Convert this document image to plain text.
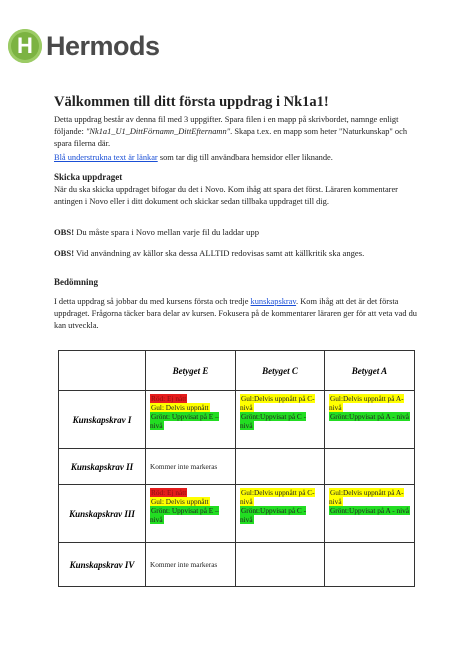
H Hermods
Välkommen till ditt första uppdrag i Nk1a1!

Detta uppdrag består av denna fil med 3 uppgifter. Spara filen i en mapp på skrivbordet, namnge enligt följande: "Nk1a1_U1_DittFörnamn_DittEfternamn". Skapa t.ex. en mapp som heter "Naturkunskap" och spara filerna där.

Blå understrukna text är länkar som tar dig till användbara hemsidor eller liknande.

Skicka uppdraget

När du ska skicka uppdraget bifogar du det i Novo. Kom ihåg att spara det först. Läraren kommentarer antingen i Novo eller i ditt dokument och skickar sedan tillbaka uppdraget till dig.

OBS! Du måste spara i Novo mellan varje fil du laddar upp

OBS! Vid användning av källor ska dessa ALLTID redovisas samt att källkritik ska anges.

Bedömning

I detta uppdrag så jobbar du med kursens första och tredje kunskapskrav. Kom ihåg att det är det första uppdraget. Frågorna täcker bara delar av kursen. Fokusera på de kommentarer läraren ger för att veta vad du kan utveckla.

	Betyget E	Betyget C	Betyget A
Kunskapskrav I	Röd: Ej nått
Gul: Delvis uppnått
Grönt: Uppvisat på E – nivå	Gul:Delvis uppnått på C-nivå
Grönt:Uppvisat på C - nivå	Gul:Delvis uppnått på A-nivå
Grönt:Uppvisat på A - nivå
Kunskapskrav II	Kommer inte markeras		
Kunskapskrav III	Röd: Ej nått
Gul: Delvis uppnått
Grönt: Uppvisat på E – nivå	Gul:Delvis uppnått på C-nivå
Grönt:Uppvisat på C - nivå	Gul:Delvis uppnått på A-nivå
Grönt:Uppvisat på A - nivå
Kunskapskrav IV	Kommer inte markeras		
